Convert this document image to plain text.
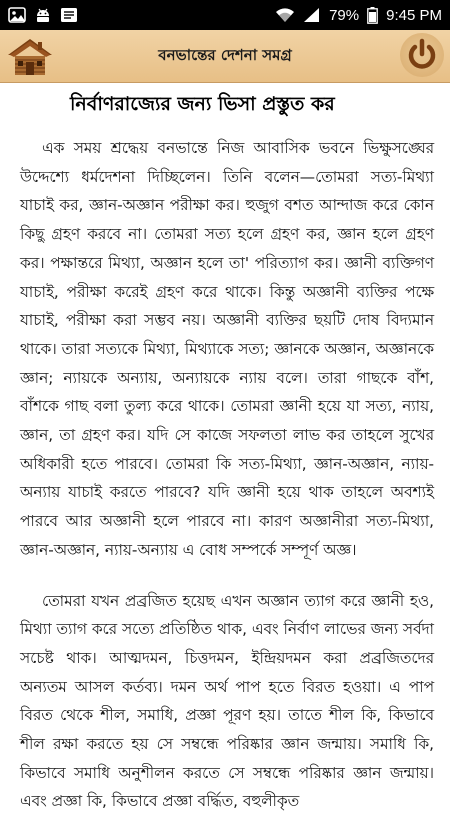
79% 9:45 PM
বনভান্তের দেশনা সমগ্র
নির্বাণরাজ্যের জন্য ভিসা প্রস্তুত কর

এক সময় শ্রদ্ধেয় বনভান্তে নিজ আবাসিক ভবনে ভিক্ষুসঙ্ঘের উদ্দেশ্যে ধর্মদেশনা দিচ্ছিলেন। তিনি বলেন—তোমরা সত্য-মিথ্যা যাচাই কর, জ্ঞান-অজ্ঞান পরীক্ষা কর। হুজুগ বশত আন্দাজ করে কোন কিছু গ্রহণ করবে না। তোমরা সত্য হলে গ্রহণ কর, জ্ঞান হলে গ্রহণ কর। পক্ষান্তরে মিথ্যা, অজ্ঞান হলে তা' পরিত্যাগ কর। জ্ঞানী ব্যক্তিগণ যাচাই, পরীক্ষা করেই গ্রহণ করে থাকে। কিন্তু অজ্ঞানী ব্যক্তির পক্ষে যাচাই, পরীক্ষা করা সম্ভব নয়। অজ্ঞানী ব্যক্তির ছয়টি দোষ বিদ্যমান থাকে। তারা সত্যকে মিথ্যা, মিথ্যাকে সত্য; জ্ঞানকে অজ্ঞান, অজ্ঞানকে জ্ঞান; ন্যায়কে অন্যায়, অন্যায়কে ন্যায় বলে। তারা গাছকে বাঁশ, বাঁশকে গাছ বলা তুল্য করে থাকে। তোমরা জ্ঞানী হয়ে যা সত্য, ন্যায়, জ্ঞান, তা গ্রহণ কর। যদি সে কাজে সফলতা লাভ কর তাহলে সুখের অধিকারী হতে পারবে। তোমরা কি সত্য-মিথ্যা, জ্ঞান-অজ্ঞান, ন্যায়-অন্যায় যাচাই করতে পারবে? যদি জ্ঞানী হয়ে থাক তাহলে অবশ্যই পারবে আর অজ্ঞানী হলে পারবে না। কারণ অজ্ঞানীরা সত্য-মিথ্যা, জ্ঞান-অজ্ঞান, ন্যায়-অন্যায় এ বোধ সম্পর্কে সম্পূর্ণ অজ্ঞ।

তোমরা যখন প্রব্রজিত হয়েছ এখন অজ্ঞান ত্যাগ করে জ্ঞানী হও, মিথ্যা ত্যাগ করে সত্যে প্রতিষ্ঠিত থাক, এবং নির্বাণ লাভের জন্য সর্বদা সচেষ্ট থাক। আত্মদমন, চিত্তদমন, ইন্দ্রিয়দমন করা প্রব্রজিতদের অন্যতম আসল কর্তব্য। দমন অর্থ পাপ হতে বিরত হওয়া। এ পাপ বিরত থেকে শীল, সমাধি, প্রজ্ঞা পূরণ হয়। তাতে শীল কি, কিভাবে শীল রক্ষা করতে হয় সে সম্বন্ধে পরিষ্কার জ্ঞান জন্মায়। সমাধি কি, কিভাবে সমাধি অনুশীলন করতে সে সম্বন্ধে পরিষ্কার জ্ঞান জন্মায়। এবং প্রজ্ঞা কি, কিভাবে প্রজ্ঞা বর্দ্ধিত, বহুলীকৃত
